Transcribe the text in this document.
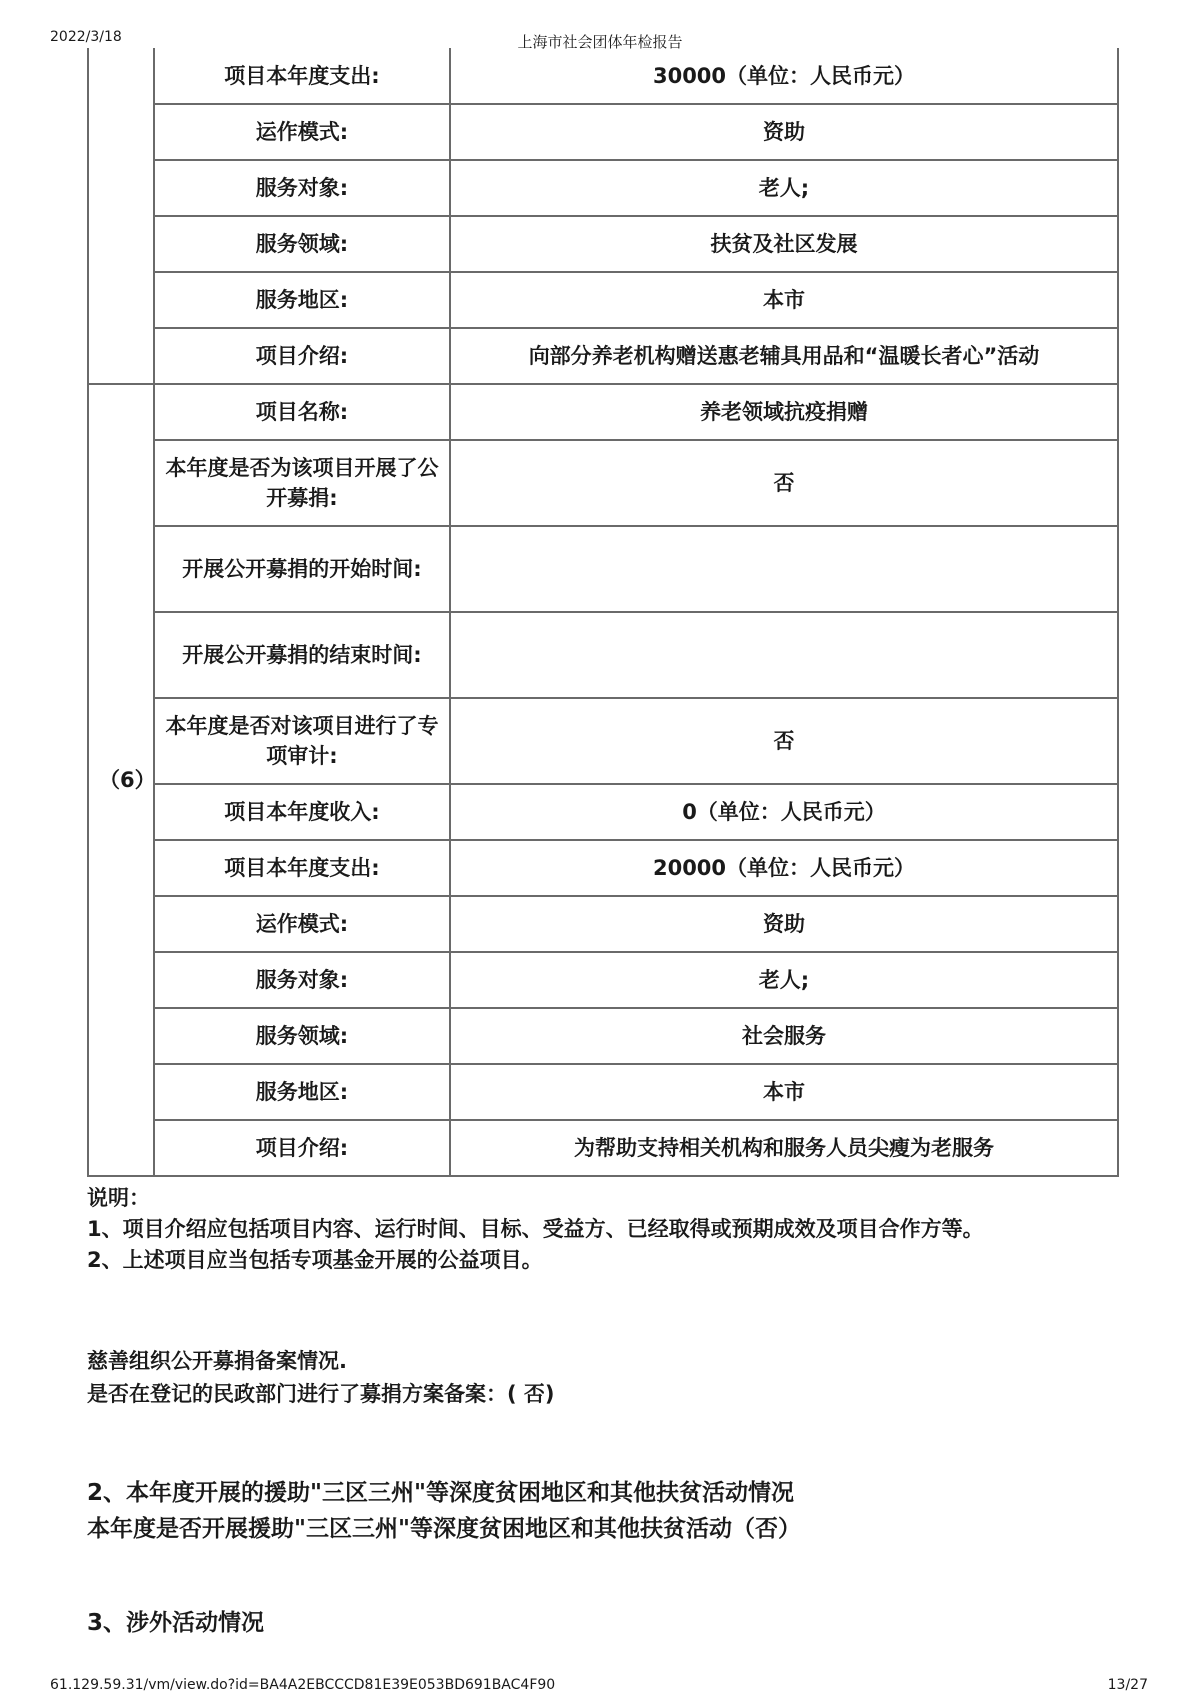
2022/3/18	上海市社会团体年检报告
	项目本年度支出:	30000（单位：人民币元）
	运作模式:	资助
	服务对象:	老人;
	服务领域:	扶贫及社区发展
	服务地区:	本市
	项目介绍:	向部分养老机构赠送惠老辅具用品和“温暖长者心”活动
（6）	项目名称:	养老领域抗疫捐赠
	本年度是否为该项目开展了公开募捐:	否
	开展公开募捐的开始时间:	
	开展公开募捐的结束时间:	
	本年度是否对该项目进行了专项审计:	否
	项目本年度收入:	0（单位：人民币元）
	项目本年度支出:	20000（单位：人民币元）
	运作模式:	资助
	服务对象:	老人;
	服务领域:	社会服务
	服务地区:	本市
	项目介绍:	为帮助支持相关机构和服务人员尖瘦为老服务
说明：
1、项目介绍应包括项目内容、运行时间、目标、受益方、已经取得或预期成效及项目合作方等。
2、上述项目应当包括专项基金开展的公益项目。
慈善组织公开募捐备案情况.
是否在登记的民政部门进行了募捐方案备案：( 否)
2、本年度开展的援助"三区三州"等深度贫困地区和其他扶贫活动情况
本年度是否开展援助"三区三州"等深度贫困地区和其他扶贫活动（否）
3、涉外活动情况
61.129.59.31/vm/view.do?id=BA4A2EBCCCD81E39E053BD691BAC4F90	13/27
